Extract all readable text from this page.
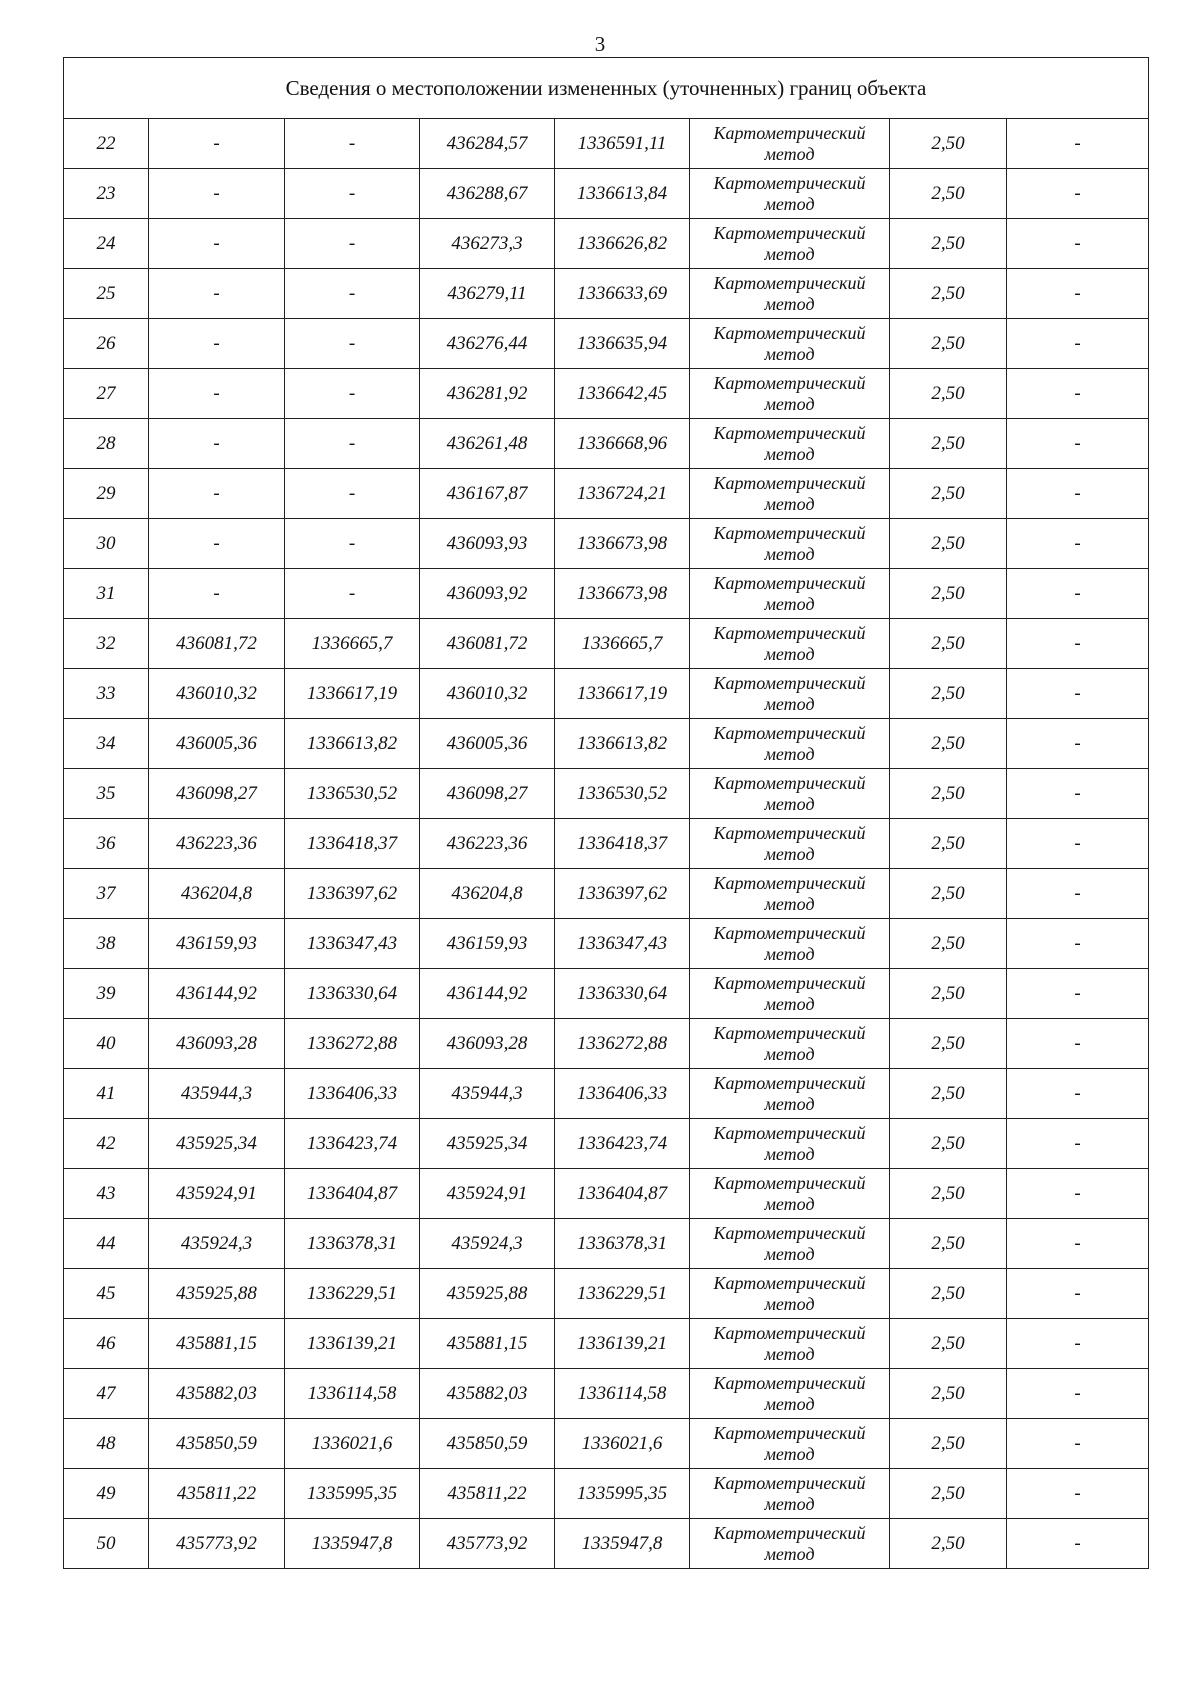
3
Сведения о местоположении измененных (уточненных) границ объекта							
22	-	-	436284,57	1336591,11	Картометрический метод	2,50	-
23	-	-	436288,67	1336613,84	Картометрический метод	2,50	-
24	-	-	436273,3	1336626,82	Картометрический метод	2,50	-
25	-	-	436279,11	1336633,69	Картометрический метод	2,50	-
26	-	-	436276,44	1336635,94	Картометрический метод	2,50	-
27	-	-	436281,92	1336642,45	Картометрический метод	2,50	-
28	-	-	436261,48	1336668,96	Картометрический метод	2,50	-
29	-	-	436167,87	1336724,21	Картометрический метод	2,50	-
30	-	-	436093,93	1336673,98	Картометрический метод	2,50	-
31	-	-	436093,92	1336673,98	Картометрический метод	2,50	-
32	436081,72	1336665,7	436081,72	1336665,7	Картометрический метод	2,50	-
33	436010,32	1336617,19	436010,32	1336617,19	Картометрический метод	2,50	-
34	436005,36	1336613,82	436005,36	1336613,82	Картометрический метод	2,50	-
35	436098,27	1336530,52	436098,27	1336530,52	Картометрический метод	2,50	-
36	436223,36	1336418,37	436223,36	1336418,37	Картометрический метод	2,50	-
37	436204,8	1336397,62	436204,8	1336397,62	Картометрический метод	2,50	-
38	436159,93	1336347,43	436159,93	1336347,43	Картометрический метод	2,50	-
39	436144,92	1336330,64	436144,92	1336330,64	Картометрический метод	2,50	-
40	436093,28	1336272,88	436093,28	1336272,88	Картометрический метод	2,50	-
41	435944,3	1336406,33	435944,3	1336406,33	Картометрический метод	2,50	-
42	435925,34	1336423,74	435925,34	1336423,74	Картометрический метод	2,50	-
43	435924,91	1336404,87	435924,91	1336404,87	Картометрический метод	2,50	-
44	435924,3	1336378,31	435924,3	1336378,31	Картометрический метод	2,50	-
45	435925,88	1336229,51	435925,88	1336229,51	Картометрический метод	2,50	-
46	435881,15	1336139,21	435881,15	1336139,21	Картометрический метод	2,50	-
47	435882,03	1336114,58	435882,03	1336114,58	Картометрический метод	2,50	-
48	435850,59	1336021,6	435850,59	1336021,6	Картометрический метод	2,50	-
49	435811,22	1335995,35	435811,22	1335995,35	Картометрический метод	2,50	-
50	435773,92	1335947,8	435773,92	1335947,8	Картометрический метод	2,50	-
